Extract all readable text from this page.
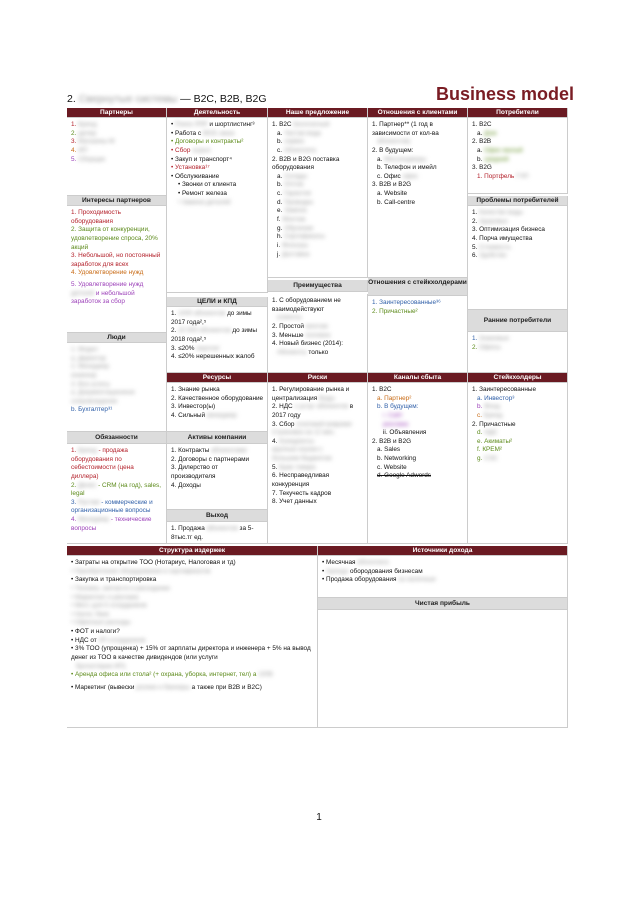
2. Свернутые системы — B2C, B2B, B2G	Business model
Партнеры	Деятельность	Наше предложение	Отношения с клиентами	Потребители
1. Бренд
2. дилер
3. Магазины М
4. ИП
5. Сборщик
Интересы партнеров
1. Проходимость оборудования
2. Защита от конкуренции, удовлетворение спроса, 20% акций
3. Небольшой, но постоянный заработок для всех
4. Удовлетворение нужд
5. Удовлетворение нужд
детской и небольшой заработок за сбор
Люди
1. Модел
a. Директор
2. Менеджер
инженер
3. Все штаты
a. Документационное
сопровождение
b. Бухгалтер³¹
Обязанности
1. Бренд - продажа оборудования по себестоимости (цена диллера)
2. Денис - CRM (на год), sales, legal
3. Рустам - коммерческие и организационные вопросы
4. Менеджер - технические вопросы
• Поиск ЛПР и шортлистинг³
• Работа с МСБ заказ
• Договоры и контракты²
• Сбор сырья
• Закуп и транспорт⁴
• Установка¹⁷
• Обслуживание
• Звонки от клиента
• Ремонт железа
• Замена деталей
ЦЕЛИ и КПД
1. 1000 абонентов до зимы 2017 года²,⁵
2. 10 000 абонентов до зимы 2018 года²,⁵
3. ≤20% неуплат
4. ≤20% нерешенных жалоб
Ресурсы
1. Знание рынка
2. Качественное оборудование
3. Инвестор(ы)
4. Сильный менеджер
Активы компании
1. Контракты абонентами
2. Договоры с партнерами
3. Дилерство от производителя
4. Доходы
Выход
1. Продажа абонентов за 5-8тыс.тг ед.
1. B2C Бесплатный
a. Чистая вода
b. сервис
c. Абонплата
2. B2B и B2G поставка оборудования
a. Склады
b. Оптом
c. Гарантия
d. Проводка
e. Замена
f. Монтаж
g. Обучение
h. Сертификаты
i. Фильтры
j. Доставка
Преимущества
1. С оборудованием не взаимодействуют
клиенты
2. Простой монтаж
3. Меньше поломок
4. Новый бизнес (2014):
Абоненты только
Риски
1. Регулирование рынка и централизация Воды
2. НДС с услуг абонентов в 2017 году
3. Сбор платежей вовремя
Страховка на 12 мес.
4. Конкуренты
крупные игроки с
большим бюджетом
5. Брак товара
6. Неспрaведливая конкуренция
7. Текучесть кадров
8. Учет данных
1. Партнер** (1 год в зависимости от кол-ва
абонентов)
2. В будущем:
a. Мессенджеры
b. Телефон и имейл
c. Офис офис
3. B2B и B2G
a. Website
b. Call-centre
Отношения с стейкхолдерами
1. Заинтересованные³⁶
2. Причастные²
Каналы сбыта
1. B2C
a. Партнер²
b. В будущем:
i. Сайт
реклама
ii. Объявления
2. B2B и B2G
a. Sales
b. Networking
c. Website
d. Google Adwords
1. B2C
a. Дом
2. B2B
a. Офис малый
b. средний
3. B2G
1. Портфель ГЧП
Проблемы потребителей
1. Качество воды
2. Здоровье
3. Оптимизация бизнеса
4. Порча имущества
5. Стоимость
6. Удобство
Ранние потребители
1. Знакомые
2. Офисы
Стейкхолдеры
1. Заинтересованные
a. Инвестор³
b. Фонд
c. Бренд
2. Причастные
d. НДС
e. Акиматы²
f. КРЕМ²
g. СЭС
Структура издержек
• Затраты на открытие ТОО (Нотариус, Налоговая и тд)
• Приобретение оборудования и сертификатов
• Закупка и транспортировка
• Техника, запчасти и расходники
• Маркетинг и реклама
• Мест для 5 сотрудников
• Налог, банк
• Офисные расходы
• ФОТ и налоги?
• НДС от ЗП сотрудников
• 3% ТОО (упрощенка) + 15% от зарплаты директора и инженера + 5% на вывод денег из ТОО в качестве дивидендов (или услуги
бухгалтерии ИП)
• Аренда офиса или стола² (+ охрана, уборка, интернет, тел) a 100$
• Маркетинг (вывески ролики и баннеры а также при B2B и B2C)
Источники дохода
• Месячная абонплата
• Аренда обородования бизнесам
• Продажа оборудования за наличные
Чистая прибыль
1
